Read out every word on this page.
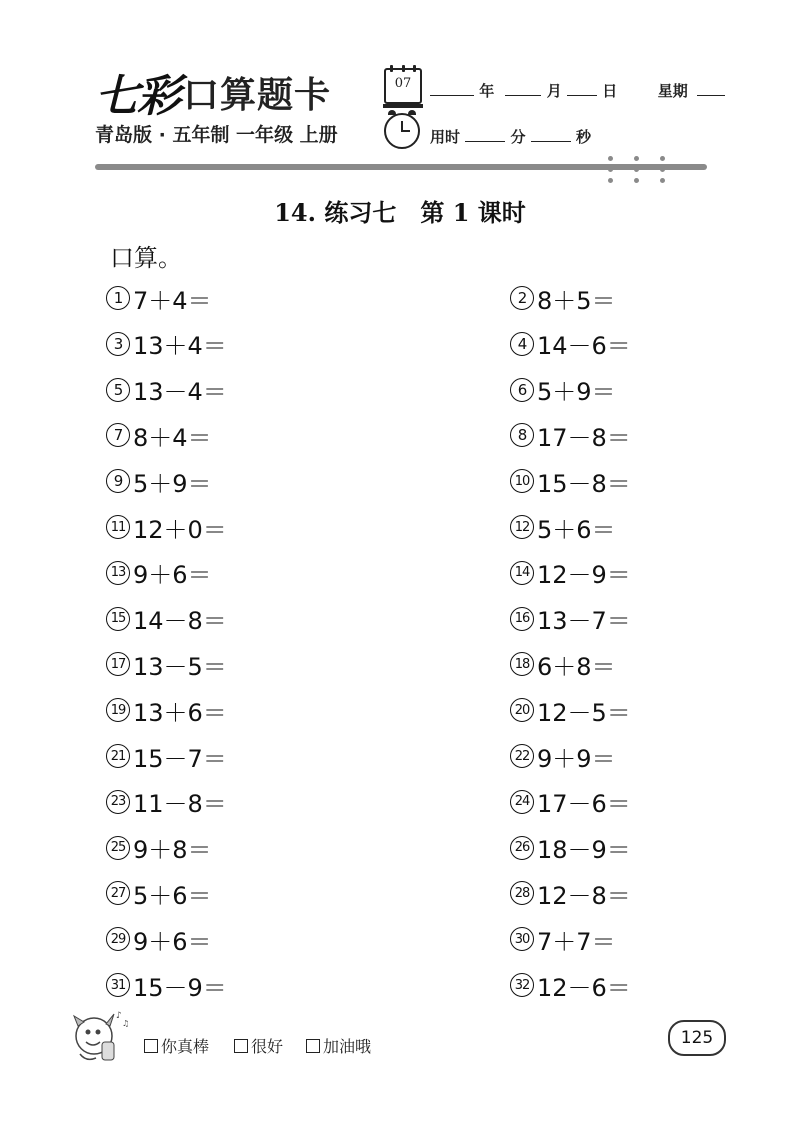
七彩 口算题卡
青岛版 · 五年制 一年级 上册
07	年	月	日	星期
用时	分	秒
14. 练习七　第 1 课时
口算。
1 7＋4＝	2 8＋5＝
3 13＋4＝	4 14－6＝
5 13－4＝	6 5＋9＝
7 8＋4＝	8 17－8＝
9 5＋9＝	10 15－8＝
11 12＋0＝	12 5＋6＝
13 9＋6＝	14 12－9＝
15 14－8＝	16 13－7＝
17 13－5＝	18 6＋8＝
19 13＋6＝	20 12－5＝
21 15－7＝	22 9＋9＝
23 11－8＝	24 17－6＝
25 9＋8＝	26 18－9＝
27 5＋6＝	28 12－8＝
29 9＋6＝	30 7＋7＝
31 15－9＝	32 12－6＝
♪
♫
你真棒	很好 加油哦	125
